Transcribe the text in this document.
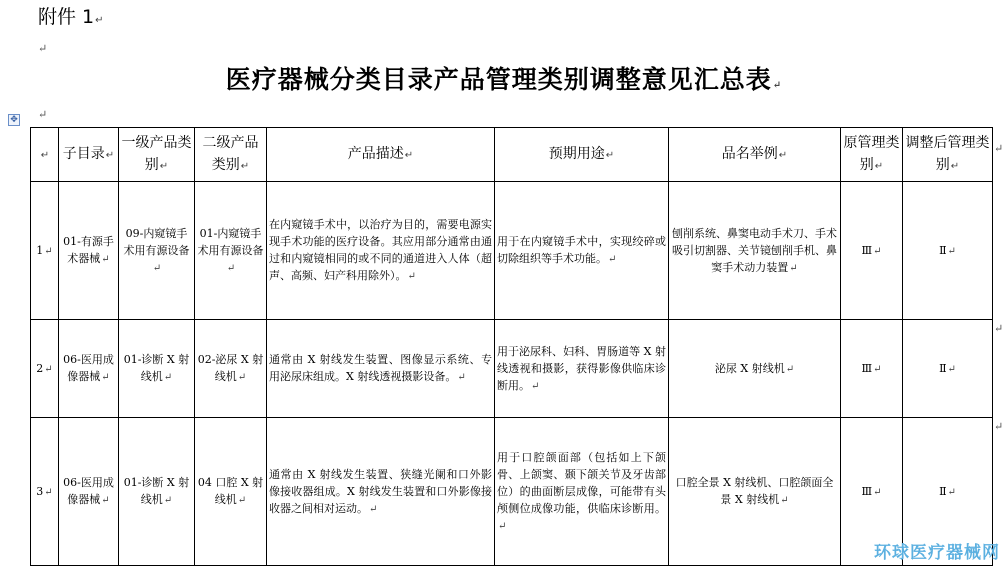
附件 1↵
↵
医疗器械分类目录产品管理类别调整意见汇总表↵
↵
✥
↵	子目录↵	一级产品类别↵	二级产品类别↵	产品描述↵	预期用途↵	品名举例↵	原管理类别↵	调整后管理类别↵
1↵	01-有源手术器械↵	09-内窥镜手术用有源设备↵	01-内窥镜手术用有源设备↵	在内窥镜手术中，以治疗为目的，需要电源实现手术功能的医疗设备。其应用部分通常由通过和内窥镜相同的或不同的通道进入人体（超声、高频、妇产科用除外）。↵	用于在内窥镜手术中，实现绞碎或切除组织等手术功能。↵	刨削系统、鼻窦电动手术刀、手术吸引切割器、关节镜刨削手机、鼻窦手术动力装置↵	Ⅲ↵	Ⅱ↵
2↵	06-医用成像器械↵	01-诊断 X 射线机↵	02-泌尿 X 射线机↵	通常由 X 射线发生装置、图像显示系统、专用泌尿床组成。X 射线透视摄影设备。↵	用于泌尿科、妇科、胃肠道等 X 射线透视和摄影，获得影像供临床诊断用。↵	泌尿 X 射线机↵	Ⅲ↵	Ⅱ↵
3↵	06-医用成像器械↵	01-诊断 X 射线机↵	04 口腔 X 射线机↵	通常由 X 射线发生装置、狭缝光阑和口外影像接收器组成。X 射线发生装置和口外影像接收器之间相对运动。↵	用于口腔颌面部（包括如上下颌骨、上颌窦、颞下颌关节及牙齿部位）的曲面断层成像，可能带有头颅侧位成像功能，供临床诊断用。↵	口腔全景 X 射线机、口腔颌面全景 X 射线机↵	Ⅲ↵	Ⅱ↵
↵
↵
↵
环球医疗器械网
